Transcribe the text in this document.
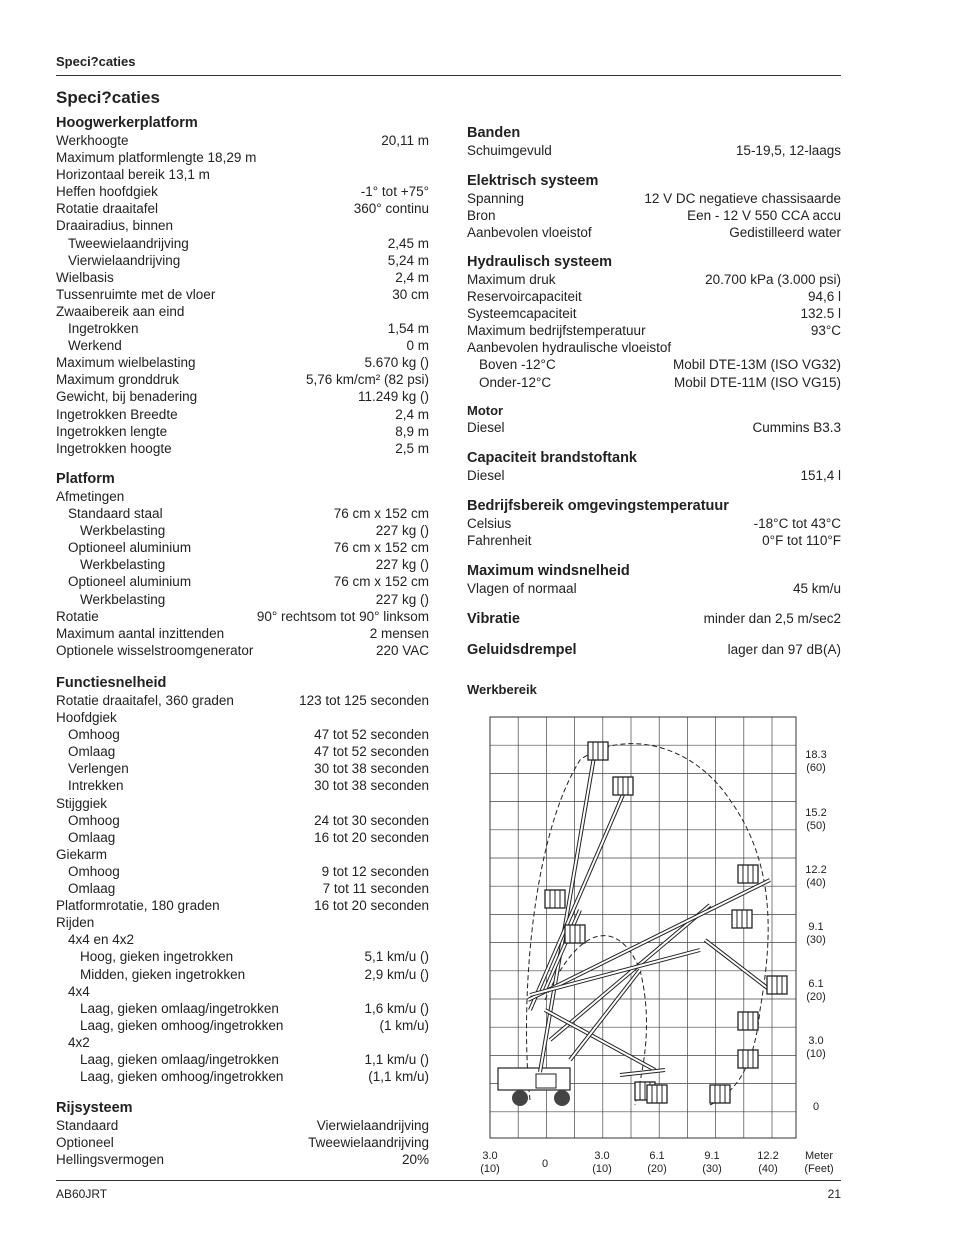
Speci?caties
Speci?caties
Hoogwerkerplatform
Werkhoogte	20,11 m
Maximum platformlengte 18,29 m
Horizontaal bereik 13,1 m
Heffen hoofdgiek	-1° tot +75°
Rotatie draaitafel	360° continu
Draairadius, binnen
Tweewielaandrijving	2,45 m
Vierwielaandrijving	5,24 m
Wielbasis	2,4 m
Tussenruimte met de vloer	30 cm
Zwaaibereik aan eind
Ingetrokken	1,54 m
Werkend	0 m
Maximum wielbelasting	5.670 kg ()
Maximum gronddruk	5,76 km/cm² (82 psi)
Gewicht, bij benadering	11.249 kg ()
Ingetrokken Breedte	2,4 m
Ingetrokken lengte	8,9 m
Ingetrokken hoogte	2,5 m
Platform
Afmetingen
Standaard staal	76 cm x 152 cm
Werkbelasting	227 kg ()
Optioneel aluminium	76 cm x 152 cm
Werkbelasting	227 kg ()
Optioneel aluminium	76 cm x 152 cm
Werkbelasting	227 kg ()
Rotatie	90° rechtsom tot 90° linksom
Maximum aantal inzittenden	2 mensen
Optionele wisselstroomgenerator	220 VAC
Functiesnelheid
Rotatie draaitafel, 360 graden	123 tot 125 seconden
Hoofdgiek
Omhoog	47 tot 52 seconden
Omlaag	47 tot 52 seconden
Verlengen	30 tot 38 seconden
Intrekken	30 tot 38 seconden
Stijggiek
Omhoog	24 tot 30 seconden
Omlaag	16 tot 20 seconden
Giekarm
Omhoog	9 tot 12 seconden
Omlaag	7 tot 11 seconden
Platformrotatie, 180 graden	16 tot 20 seconden
Rijden
4x4 en 4x2
Hoog, gieken ingetrokken	5,1 km/u ()
Midden, gieken ingetrokken	2,9 km/u ()
4x4
Laag, gieken omlaag/ingetrokken	1,6 km/u ()
Laag, gieken omhoog/ingetrokken	(1 km/u)
4x2
Laag, gieken omlaag/ingetrokken	1,1 km/u ()
Laag, gieken omhoog/ingetrokken	(1,1 km/u)
Rijsysteem
Standaard	Vierwielaandrijving
Optioneel	Tweewielaandrijving
Hellingsvermogen	20%
Banden
Schuimgevuld	15-19,5, 12-laags
Elektrisch systeem
Spanning	12 V DC negatieve chassisaarde
Bron	Een - 12 V 550 CCA accu
Aanbevolen vloeistof	Gedistilleerd water
Hydraulisch systeem
Maximum druk	20.700 kPa (3.000 psi)
Reservoircapaciteit	94,6 l
Systeemcapaciteit	132.5 l
Maximum bedrijfstemperatuur	93°C
Aanbevolen hydraulische vloeistof
Boven -12°C	Mobil DTE-13M (ISO VG32)
Onder-12°C	Mobil DTE-11M (ISO VG15)
Motor
Diesel	Cummins B3.3
Capaciteit brandstoftank
Diesel	151,4 l
Bedrijfsbereik omgevingstemperatuur
Celsius	-18°C tot 43°C
Fahrenheit	0°F tot 110°F
Maximum windsnelheid
Vlagen of normaal	45 km/u
Vibratie	minder dan 2,5 m/sec2
Geluidsdrempel	lager dan 97 dB(A)
Werkbereik
18.3
(60)
15.2
(50)
12.2
(40)
9.1
(30)
6.1
(20)
3.0
(10)
0
3.0
(10)	0
3.0
(10)
6.1
(20)
9.1
(30)
12.2
(40)
Meter
(Feet)
AB60JRT	21
